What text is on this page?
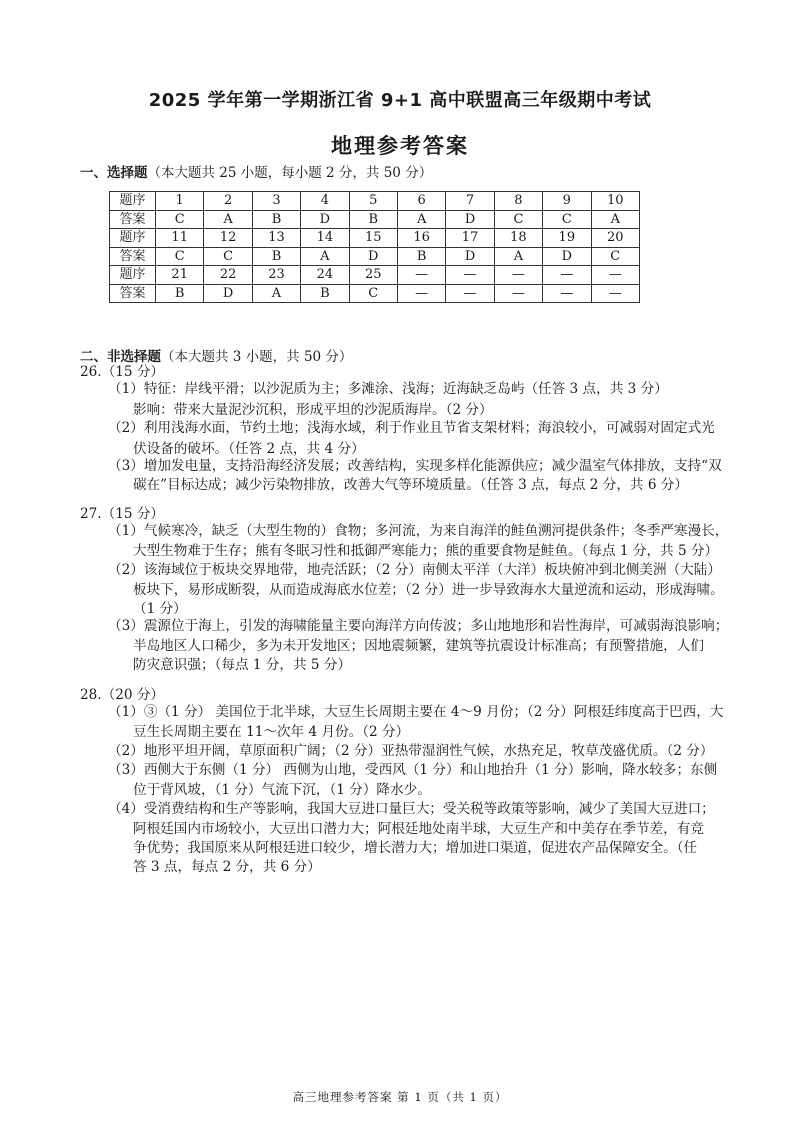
2025 学年第一学期浙江省 9+1 高中联盟高三年级期中考试
地理参考答案
一、选择题（本大题共 25 小题，每小题 2 分，共 50 分）
题序	1	2	3	4	5	6	7	8	9	10
答案	C	A	B	D	B	A	D	C	C	A
题序	11	12	13	14	15	16	17	18	19	20
答案	C	C	B	A	D	B	D	A	D	C
题序	21	22	23	24	25	—	—	—	—	—
答案	B	D	A	B	C	—	—	—	—	—
二、非选择题（本大题共 3 小题，共 50 分）
26.（15 分）
（1）特征：岸线平滑；以沙泥质为主；多滩涂、浅海；近海缺乏岛屿（任答 3 点，共 3 分）
影响：带来大量泥沙沉积，形成平坦的沙泥质海岸。（2 分）
（2）利用浅海水面，节约土地；浅海水域，利于作业且节省支架材料；海浪较小，可减弱对固定式光
伏设备的破坏。（任答 2 点，共 4 分）
（3）增加发电量，支持沿海经济发展；改善结构，实现多样化能源供应；减少温室气体排放，支持“双
碳在”目标达成；减少污染物排放，改善大气等环境质量。（任答 3 点，每点 2 分，共 6 分）
27.（15 分）
（1）气候寒冷，缺乏（大型生物的）食物；多河流，为来自海洋的鲑鱼溯河提供条件；冬季严寒漫长，
大型生物难于生存；熊有冬眠习性和抵御严寒能力；熊的重要食物是鲑鱼。（每点 1 分，共 5 分）
（2）该海域位于板块交界地带，地壳活跃；（2 分）南侧太平洋（大洋）板块俯冲到北侧美洲（大陆）
板块下，易形成断裂，从而造成海底水位差；（2 分）进一步导致海水大量逆流和运动，形成海啸。
（1 分）
（3）震源位于海上，引发的海啸能量主要向海洋方向传波；多山地地形和岩性海岸，可减弱海浪影响；
半岛地区人口稀少，多为未开发地区；因地震频繁，建筑等抗震设计标准高；有预警措施，人们
防灾意识强；（每点 1 分，共 5 分）
28.（20 分）
（1）③（1 分） 美国位于北半球，大豆生长周期主要在 4～9 月份；（2 分）阿根廷纬度高于巴西，大
豆生长周期主要在 11～次年 4 月份。（2 分）
（2）地形平坦开阔，草原面积广阔；（2 分）亚热带湿润性气候，水热充足，牧草茂盛优质。（2 分）
（3）西侧大于东侧（1 分） 西侧为山地，受西风（1 分）和山地抬升（1 分）影响，降水较多；东侧
位于背风坡，（1 分）气流下沉，（1 分）降水少。
（4）受消费结构和生产等影响，我国大豆进口量巨大；受关税等政策等影响，减少了美国大豆进口；
阿根廷国内市场较小，大豆出口潜力大；阿根廷地处南半球，大豆生产和中美存在季节差，有竞
争优势；我国原来从阿根廷进口较少，增长潜力大；增加进口渠道，促进农产品保障安全。（任
答 3 点，每点 2 分，共 6 分）
高三地理参考答案 第 1 页（共 1 页）
